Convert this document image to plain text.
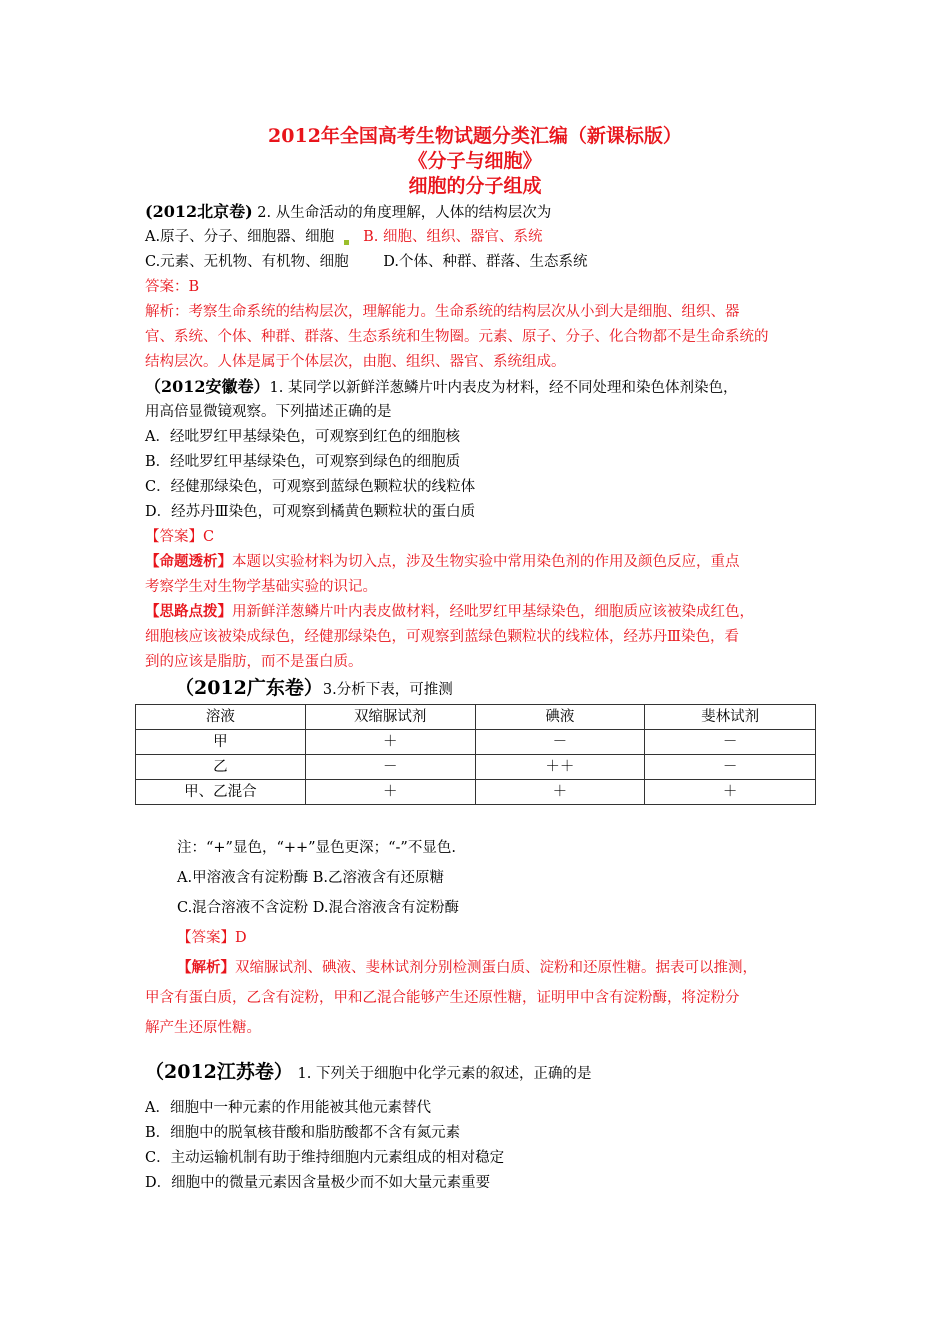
2012年全国高考生物试题分类汇编（新课标版）
《分子与细胞》
细胞的分子组成
(2012北京卷) 2. 从生命活动的角度理解，人体的结构层次为
A.原子、分子、细胞器、细胞 B. 细胞、组织、器官、系统
C.元素、无机物、有机物、细胞 D.个体、种群、群落、生态系统
答案：B
解析：考察生命系统的结构层次，理解能力。生命系统的结构层次从小到大是细胞、组织、器
官、系统、个体、种群、群落、生态系统和生物圈。元素、原子、分子、化合物都不是生命系统的
结构层次。人体是属于个体层次，由胞、组织、器官、系统组成。
（2012安徽卷）1. 某同学以新鲜洋葱鳞片叶内表皮为材料，经不同处理和染色体剂染色，
用高倍显微镜观察。下列描述正确的是
A．经吡罗红甲基绿染色，可观察到红色的细胞核
B．经吡罗红甲基绿染色，可观察到绿色的细胞质
C．经健那绿染色，可观察到蓝绿色颗粒状的线粒体
D．经苏丹Ⅲ染色，可观察到橘黄色颗粒状的蛋白质
【答案】C
【命题透析】本题以实验材料为切入点，涉及生物实验中常用染色剂的作用及颜色反应，重点
考察学生对生物学基础实验的识记。
【思路点拨】用新鲜洋葱鳞片叶内表皮做材料，经吡罗红甲基绿染色，细胞质应该被染成红色，
细胞核应该被染成绿色，经健那绿染色，可观察到蓝绿色颗粒状的线粒体，经苏丹Ⅲ染色，看
到的应该是脂肪，而不是蛋白质。
（2012广东卷）3.分析下表，可推测
溶液	双缩脲试剂	碘液	斐林试剂
甲	＋	－	－
乙	－	＋＋	－
甲、乙混合	＋	＋	＋
注：“+”显色，“++”显色更深；“-”不显色.
A.甲溶液含有淀粉酶 B.乙溶液含有还原糖
C.混合溶液不含淀粉 D.混合溶液含有淀粉酶
【答案】D
【解析】双缩脲试剂、碘液、斐林试剂分别检测蛋白质、淀粉和还原性糖。据表可以推测，
甲含有蛋白质，乙含有淀粉，甲和乙混合能够产生还原性糖，证明甲中含有淀粉酶，将淀粉分
解产生还原性糖。
（2012江苏卷） 1. 下列关于细胞中化学元素的叙述，正确的是
A．细胞中一种元素的作用能被其他元素替代
B．细胞中的脱氧核苷酸和脂肪酸都不含有氮元素
C．主动运输机制有助于维持细胞内元素组成的相对稳定
D．细胞中的微量元素因含量极少而不如大量元素重要
